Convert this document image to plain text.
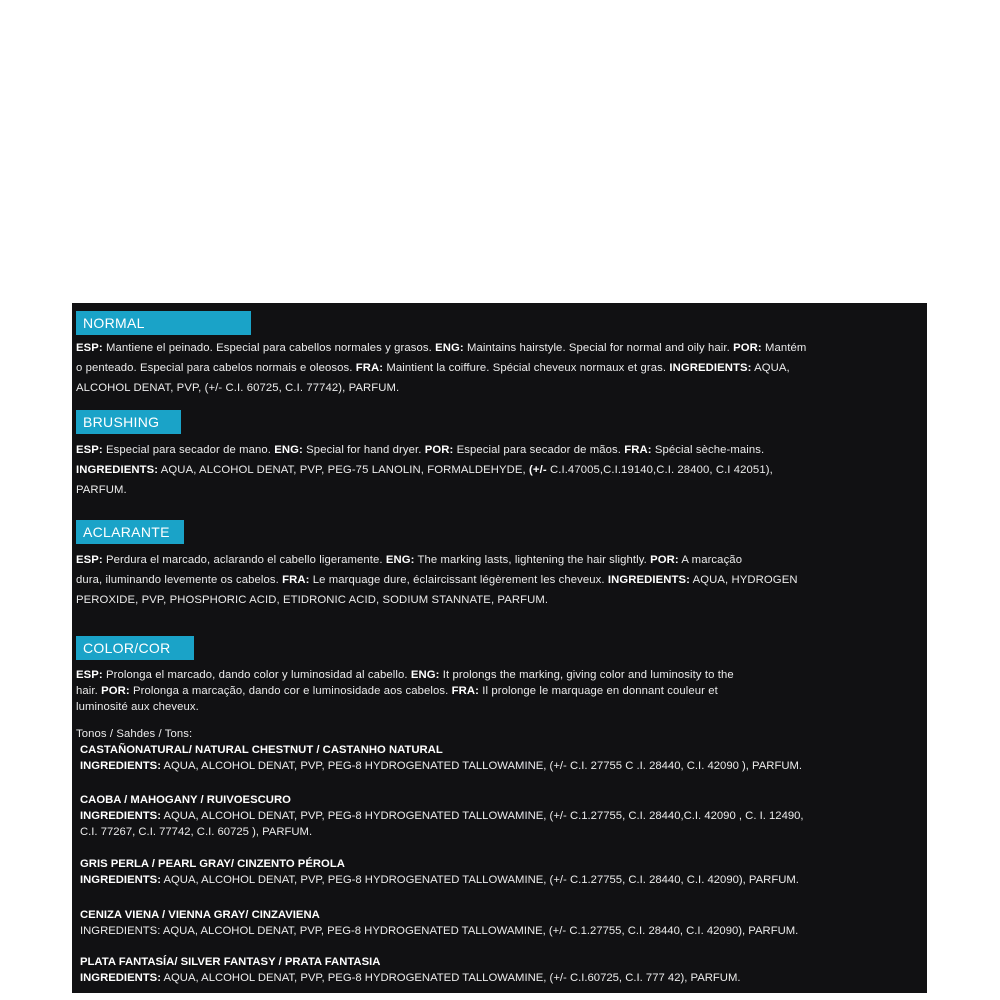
NORMAL
ESP: Mantiene el peinado. Especial para cabellos normales y grasos. ENG: Maintains hairstyle. Special for normal and oily hair. POR: Mantém
o penteado. Especial para cabelos normais e oleosos. FRA: Maintient la coiffure. Spécial cheveux normaux et gras. INGREDIENTS: AQUA,
ALCOHOL DENAT, PVP, (+/- C.I. 60725, C.I. 77742), PARFUM.
BRUSHING
ESP: Especial para secador de mano. ENG: Special for hand dryer. POR: Especial para secador de mãos. FRA: Spécial sèche-mains.
INGREDIENTS: AQUA, ALCOHOL DENAT, PVP, PEG-75 LANOLIN, FORMALDEHYDE, (+/- C.I.47005,C.I.19140,C.I. 28400, C.I 42051),
PARFUM.
ACLARANTE
ESP: Perdura el marcado, aclarando el cabello ligeramente. ENG: The marking lasts, lightening the hair slightly. POR: A marcação
dura, iluminando levemente os cabelos. FRA: Le marquage dure, éclaircissant légèrement les cheveux. INGREDIENTS: AQUA, HYDROGEN
PEROXIDE, PVP, PHOSPHORIC ACID, ETIDRONIC ACID, SODIUM STANNATE, PARFUM.
COLOR/COR
ESP: Prolonga el marcado, dando color y luminosidad al cabello. ENG: It prolongs the marking, giving color and luminosity to the
hair. POR: Prolonga a marcação, dando cor e luminosidade aos cabelos. FRA: Il prolonge le marquage en donnant couleur et
luminosité aux cheveux.
Tonos / Sahdes / Tons:
CASTAÑONATURAL/ NATURAL CHESTNUT / CASTANHO NATURAL
INGREDIENTS: AQUA, ALCOHOL DENAT, PVP, PEG-8 HYDROGENATED TALLOWAMINE, (+/- C.I. 27755 C .I. 28440, C.I. 42090 ), PARFUM.
CAOBA / MAHOGANY / RUIVOESCURO
INGREDIENTS: AQUA, ALCOHOL DENAT, PVP, PEG-8 HYDROGENATED TALLOWAMINE, (+/- C.1.27755, C.I. 28440,C.I. 42090 , C. I. 12490,
C.I. 77267, C.I. 77742, C.I. 60725 ), PARFUM.
GRIS PERLA / PEARL GRAY/ CINZENTO PÉROLA
INGREDIENTS: AQUA, ALCOHOL DENAT, PVP, PEG-8 HYDROGENATED TALLOWAMINE, (+/- C.1.27755, C.I. 28440, C.I. 42090), PARFUM.
CENIZA VIENA / VIENNA GRAY/ CINZAVIENA
INGREDIENTS: AQUA, ALCOHOL DENAT, PVP, PEG-8 HYDROGENATED TALLOWAMINE, (+/- C.1.27755, C.I. 28440, C.I. 42090), PARFUM.
PLATA FANTASÍA/ SILVER FANTASY / PRATA FANTASIA
INGREDIENTS: AQUA, ALCOHOL DENAT, PVP, PEG-8 HYDROGENATED TALLOWAMINE, (+/- C.I.60725, C.I. 777 42), PARFUM.
